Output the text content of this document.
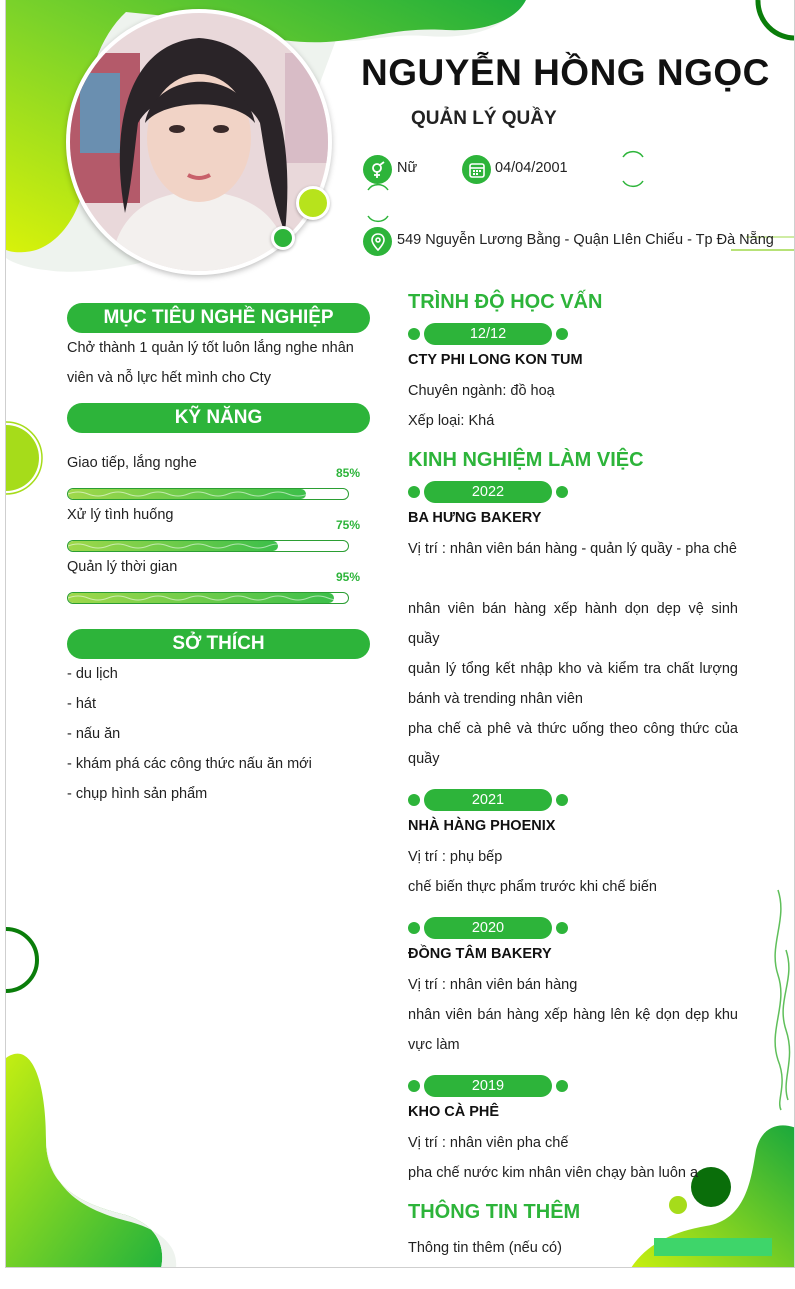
NGUYỄN HỒNG NGỌC
QUẢN LÝ QUẦY
Nữ	04/04/2001
549 Nguyễn Lương Bằng - Quận LIên Chiểu - Tp Đà Nẵng
MỤC TIÊU NGHỀ NGHIỆP
Chở thành 1 quản lý tốt luôn lắng nghe nhân
viên và nỗ lực hết mình cho Cty
KỸ NĂNG
Giao tiếp, lắng nghe
85%
Xử lý tình huống
75%
Quản lý thời gian
95%
SỞ THÍCH
- du lịch
- hát
- nấu ăn
- khám phá các công thức nấu ăn mới
- chụp hình sản phẩm
TRÌNH ĐỘ HỌC VẤN
12/12
CTY PHI LONG KON TUM
Chuyên ngành: đồ hoạ
Xếp loại: Khá
KINH NGHIỆM LÀM VIỆC
2022
BA HƯNG BAKERY
Vị trí : nhân viên bán hàng - quản lý quầy - pha chê
nhân viên bán hàng xếp hành dọn dẹp vệ sinh quầy
quản lý tổng kết nhập kho và kiểm tra chất lượng bánh và trending nhân viên
pha chế cà phê và thức uống theo công thức của quầy
2021
NHÀ HÀNG PHOENIX
Vị trí : phụ bếp
chế biến thực phẩm trước khi chế biến
2020
ĐỒNG TÂM BAKERY
Vị trí : nhân viên bán hàng
nhân viên bán hàng xếp hàng lên kệ dọn dẹp khu vực làm
2019
KHO CÀ PHÊ
Vị trí : nhân viên pha chế
pha chế nước kim nhân viên chạy bàn luôn a
THÔNG TIN THÊM
Thông tin thêm (nếu có)
